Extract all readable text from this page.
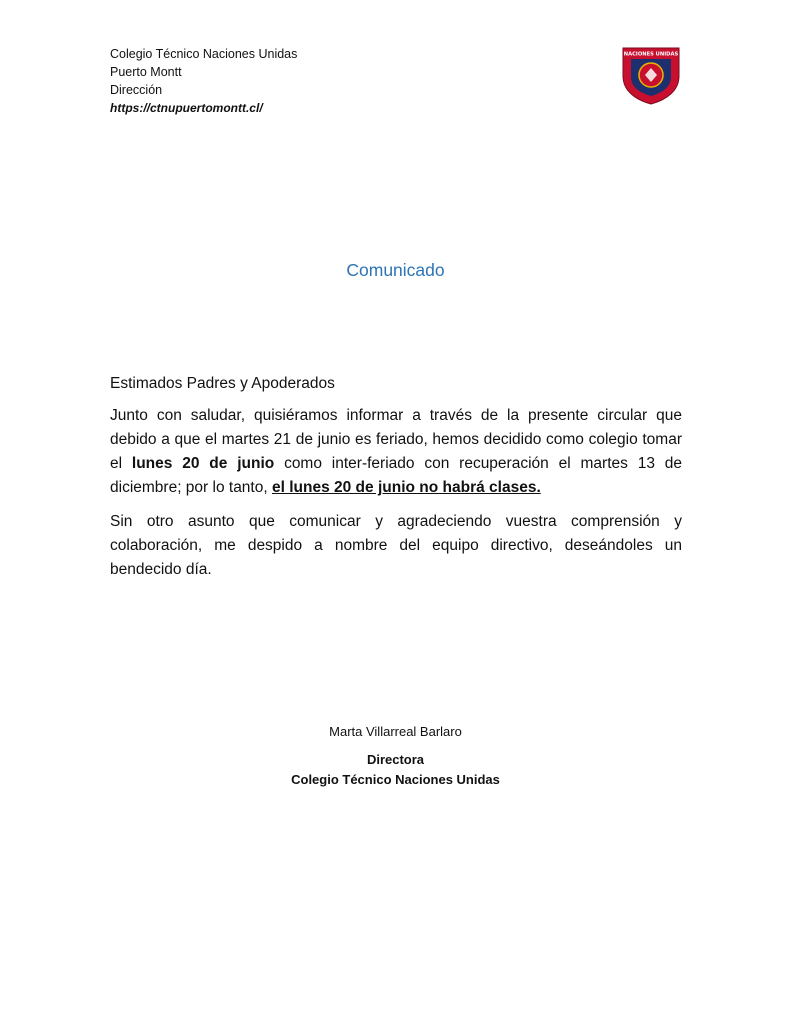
Colegio Técnico Naciones Unidas
Puerto Montt
Dirección
https://ctnupuertomontt.cl/
NACIONES UNIDAS
Comunicado

Estimados Padres y Apoderados

Junto con saludar, quisiéramos informar a través de la presente circular que debido a que el martes 21 de junio es feriado, hemos decidido como colegio tomar el lunes 20 de junio como inter-feriado con recuperación el martes 13 de diciembre; por lo tanto, el lunes 20 de junio no habrá clases.

Sin otro asunto que comunicar y agradeciendo vuestra comprensión y colaboración, me despido a nombre del equipo directivo, deseándoles un bendecido día.

Marta Villarreal Barlaro
Directora
Colegio Técnico Naciones Unidas
